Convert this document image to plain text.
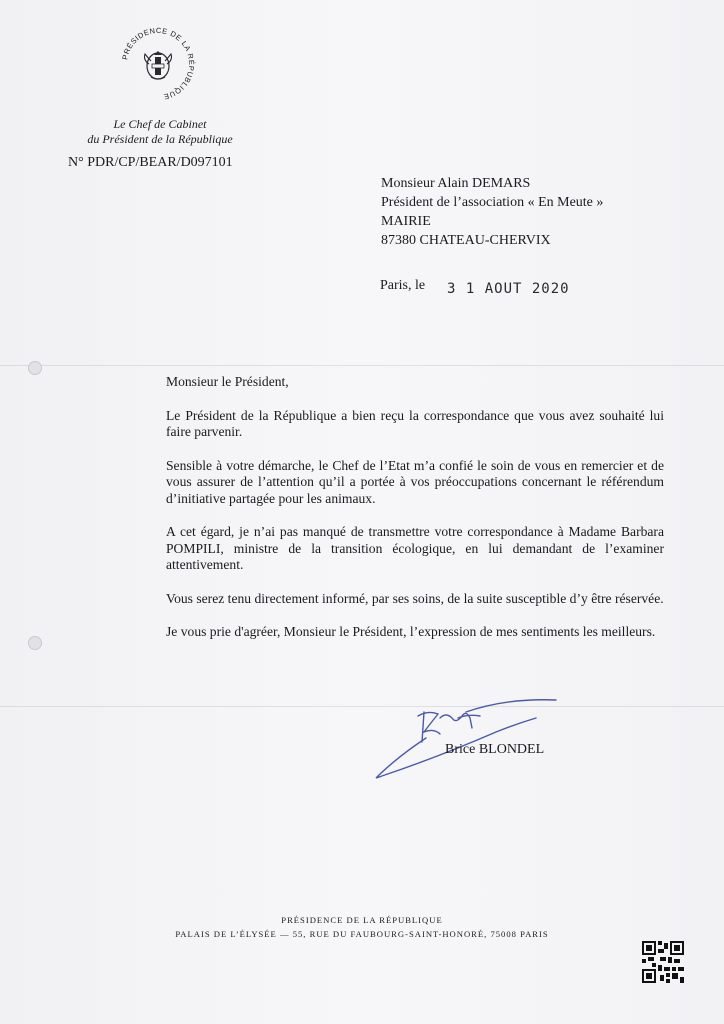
PRÉSIDENCE DE LA RÉPUBLIQUE
Le Chef de Cabinet
du Président de la République
N° PDR/CP/BEAR/D097101
Monsieur Alain DEMARS
Président de l’association « En Meute »
MAIRIE
87380 CHATEAU-CHERVIX
Paris, le 3 1 AOUT 2020

Monsieur le Président,

Le Président de la République a bien reçu la correspondance que vous avez souhaité lui faire parvenir.

Sensible à votre démarche, le Chef de l’Etat m’a confié le soin de vous en remercier et de vous assurer de l’attention qu’il a portée à vos préoccupations concernant le référendum d’initiative partagée pour les animaux.

A cet égard, je n’ai pas manqué de transmettre votre correspondance à Madame Barbara POMPILI, ministre de la transition écologique, en lui demandant de l’examiner attentivement.

Vous serez tenu directement informé, par ses soins, de la suite susceptible d’y être réservée.

Je vous prie d'agréer, Monsieur le Président, l’expression de mes sentiments les meilleurs.

Brice BLONDEL
PRÉSIDENCE DE LA RÉPUBLIQUE
PALAIS DE L’ÉLYSÉE — 55, RUE DU FAUBOURG-SAINT-HONORÉ, 75008 PARIS
